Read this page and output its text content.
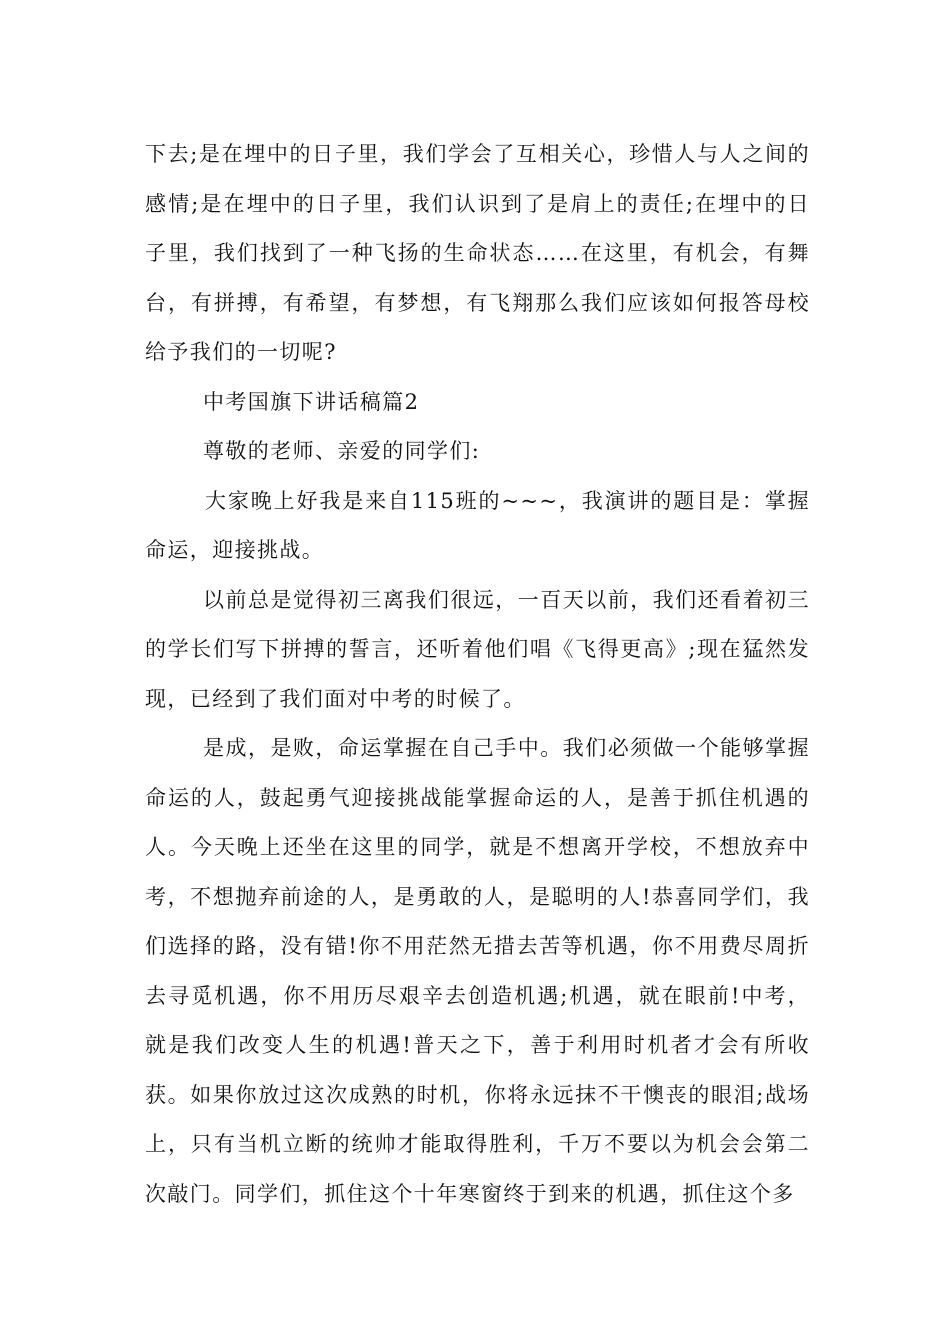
下去;是在埋中的日子里，我们学会了互相关心，珍惜人与人之间的感情;是在埋中的日子里，我们认识到了是肩上的责任;在埋中的日子里，我们找到了一种飞扬的生命状态……在这里，有机会，有舞台，有拼搏，有希望，有梦想，有飞翔那么我们应该如何报答母校给予我们的一切呢?

中考国旗下讲话稿篇2

尊敬的老师、亲爱的同学们:

大家晚上好我是来自115班的~~~，我演讲的题目是：掌握命运，迎接挑战。

以前总是觉得初三离我们很远，一百天以前，我们还看着初三的学长们写下拼搏的誓言，还听着他们唱《飞得更高》;现在猛然发现，已经到了我们面对中考的时候了。

是成，是败，命运掌握在自己手中。我们必须做一个能够掌握命运的人，鼓起勇气迎接挑战能掌握命运的人，是善于抓住机遇的人。今天晚上还坐在这里的同学，就是不想离开学校，不想放弃中考，不想抛弃前途的人，是勇敢的人，是聪明的人!恭喜同学们，我们选择的路，没有错!你不用茫然无措去苦等机遇，你不用费尽周折去寻觅机遇，你不用历尽艰辛去创造机遇;机遇，就在眼前!中考，就是我们改变人生的机遇!普天之下，善于利用时机者才会有所收获。如果你放过这次成熟的时机，你将永远抹不干懊丧的眼泪;战场上，只有当机立断的统帅才能取得胜利，千万不要以为机会会第二次敲门。同学们，抓住这个十年寒窗终于到来的机遇，抓住这个多
